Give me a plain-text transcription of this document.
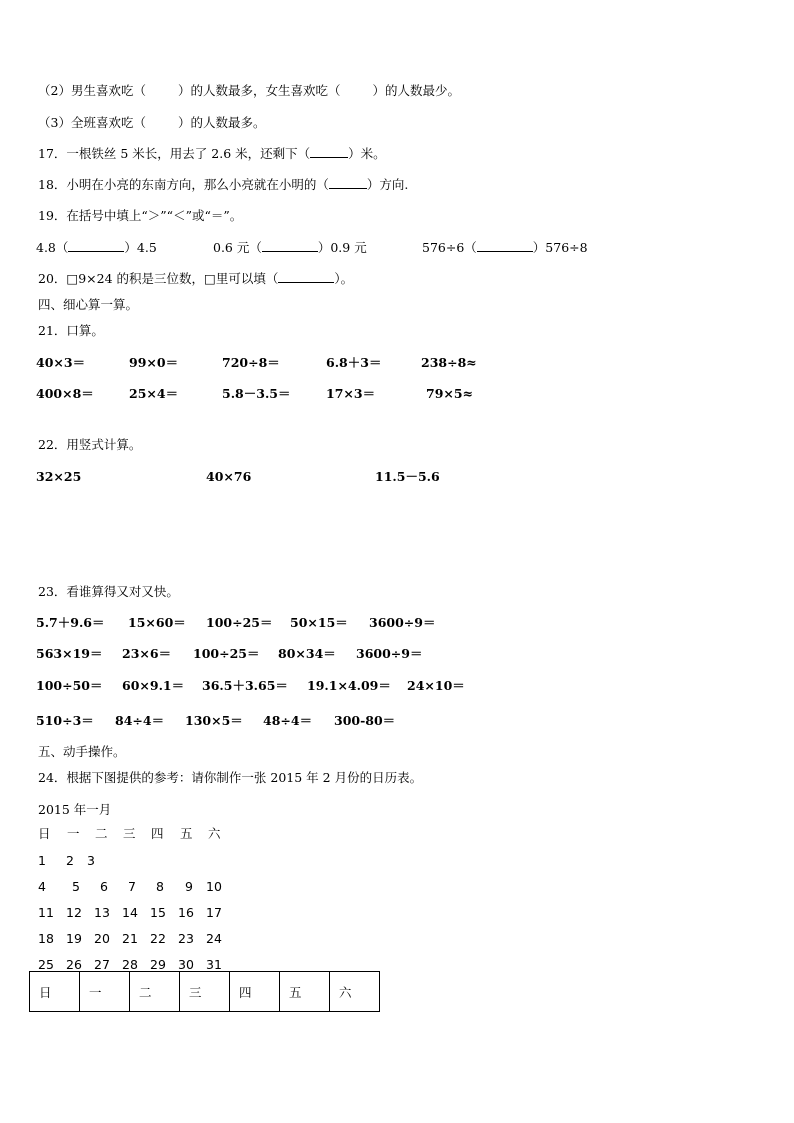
（2）男生喜欢吃（	）的人数最多，女生喜欢吃（	）的人数最少。
（3）全班喜欢吃（	）的人数最多。
17．一根铁丝 5 米长，用去了 2.6 米，还剩下（	）米。
18．小明在小亮的东南方向，那么小亮就在小明的（	）方向.
19．在括号中填上“＞”“＜”或“＝”。
4.8（	）4.5	0.6 元（	）0.9 元	576÷6（	）576÷8
20．□9×24 的积是三位数，□里可以填（	）。
四、细心算一算。
21．口算。
40×3＝	99×0＝	720÷8＝	6.8＋3＝	238÷8≈
400×8＝	25×4＝	5.8－3.5＝	17×3＝	79×5≈
22．用竖式计算。
32×25	40×76	11.5－5.6
23．看谁算得又对又快。
5.7＋9.6＝ 15×60＝ 100÷25＝ 50×15＝ 3600÷9＝
563×19＝ 23×6＝ 100÷25＝ 80×34＝ 3600÷9＝
100÷50＝ 60×9.1＝ 36.5＋3.65＝ 19.1×4.09＝ 24×10＝
510÷3＝ 84÷4＝ 130×5＝ 48÷4＝ 300-80＝
五、动手操作。
24．根据下图提供的参考：请你制作一张 2015 年 2 月份的日历表。
2015 年一月
日 一 二 三 四 五 六
1 2 3
4 5 6 7 8 9 10
11 12 13 14 15 16 17
18 19 20 21 22 23 24
25 26 27 28 29 30 31
日	一	二	三	四	五	六
